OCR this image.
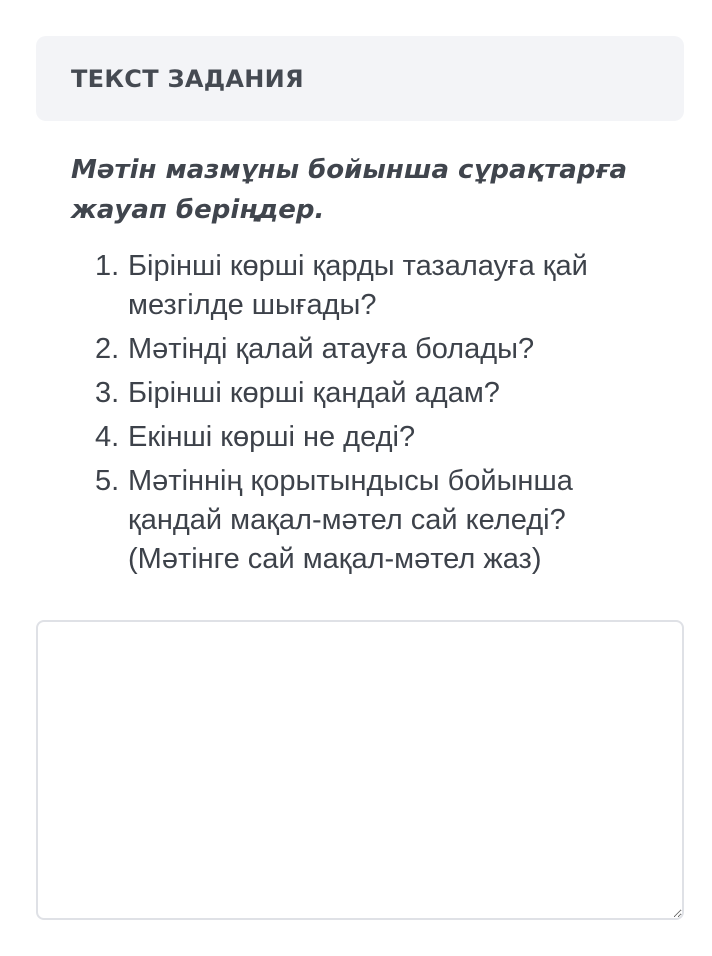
ТЕКСТ ЗАДАНИЯ

Мәтін мазмұны бойынша сұрақтарға жауап беріңдер.

1. Бірінші көрші қарды тазалауға қай мезгілде шығады?
2. Мәтінді қалай атауға болады?
3. Бірінші көрші қандай адам?
4. Екінші көрші не деді?
5. Мәтіннің қорытындысы бойынша қандай мақал-мәтел сай келеді? (Мәтінге сай мақал-мәтел жаз)
